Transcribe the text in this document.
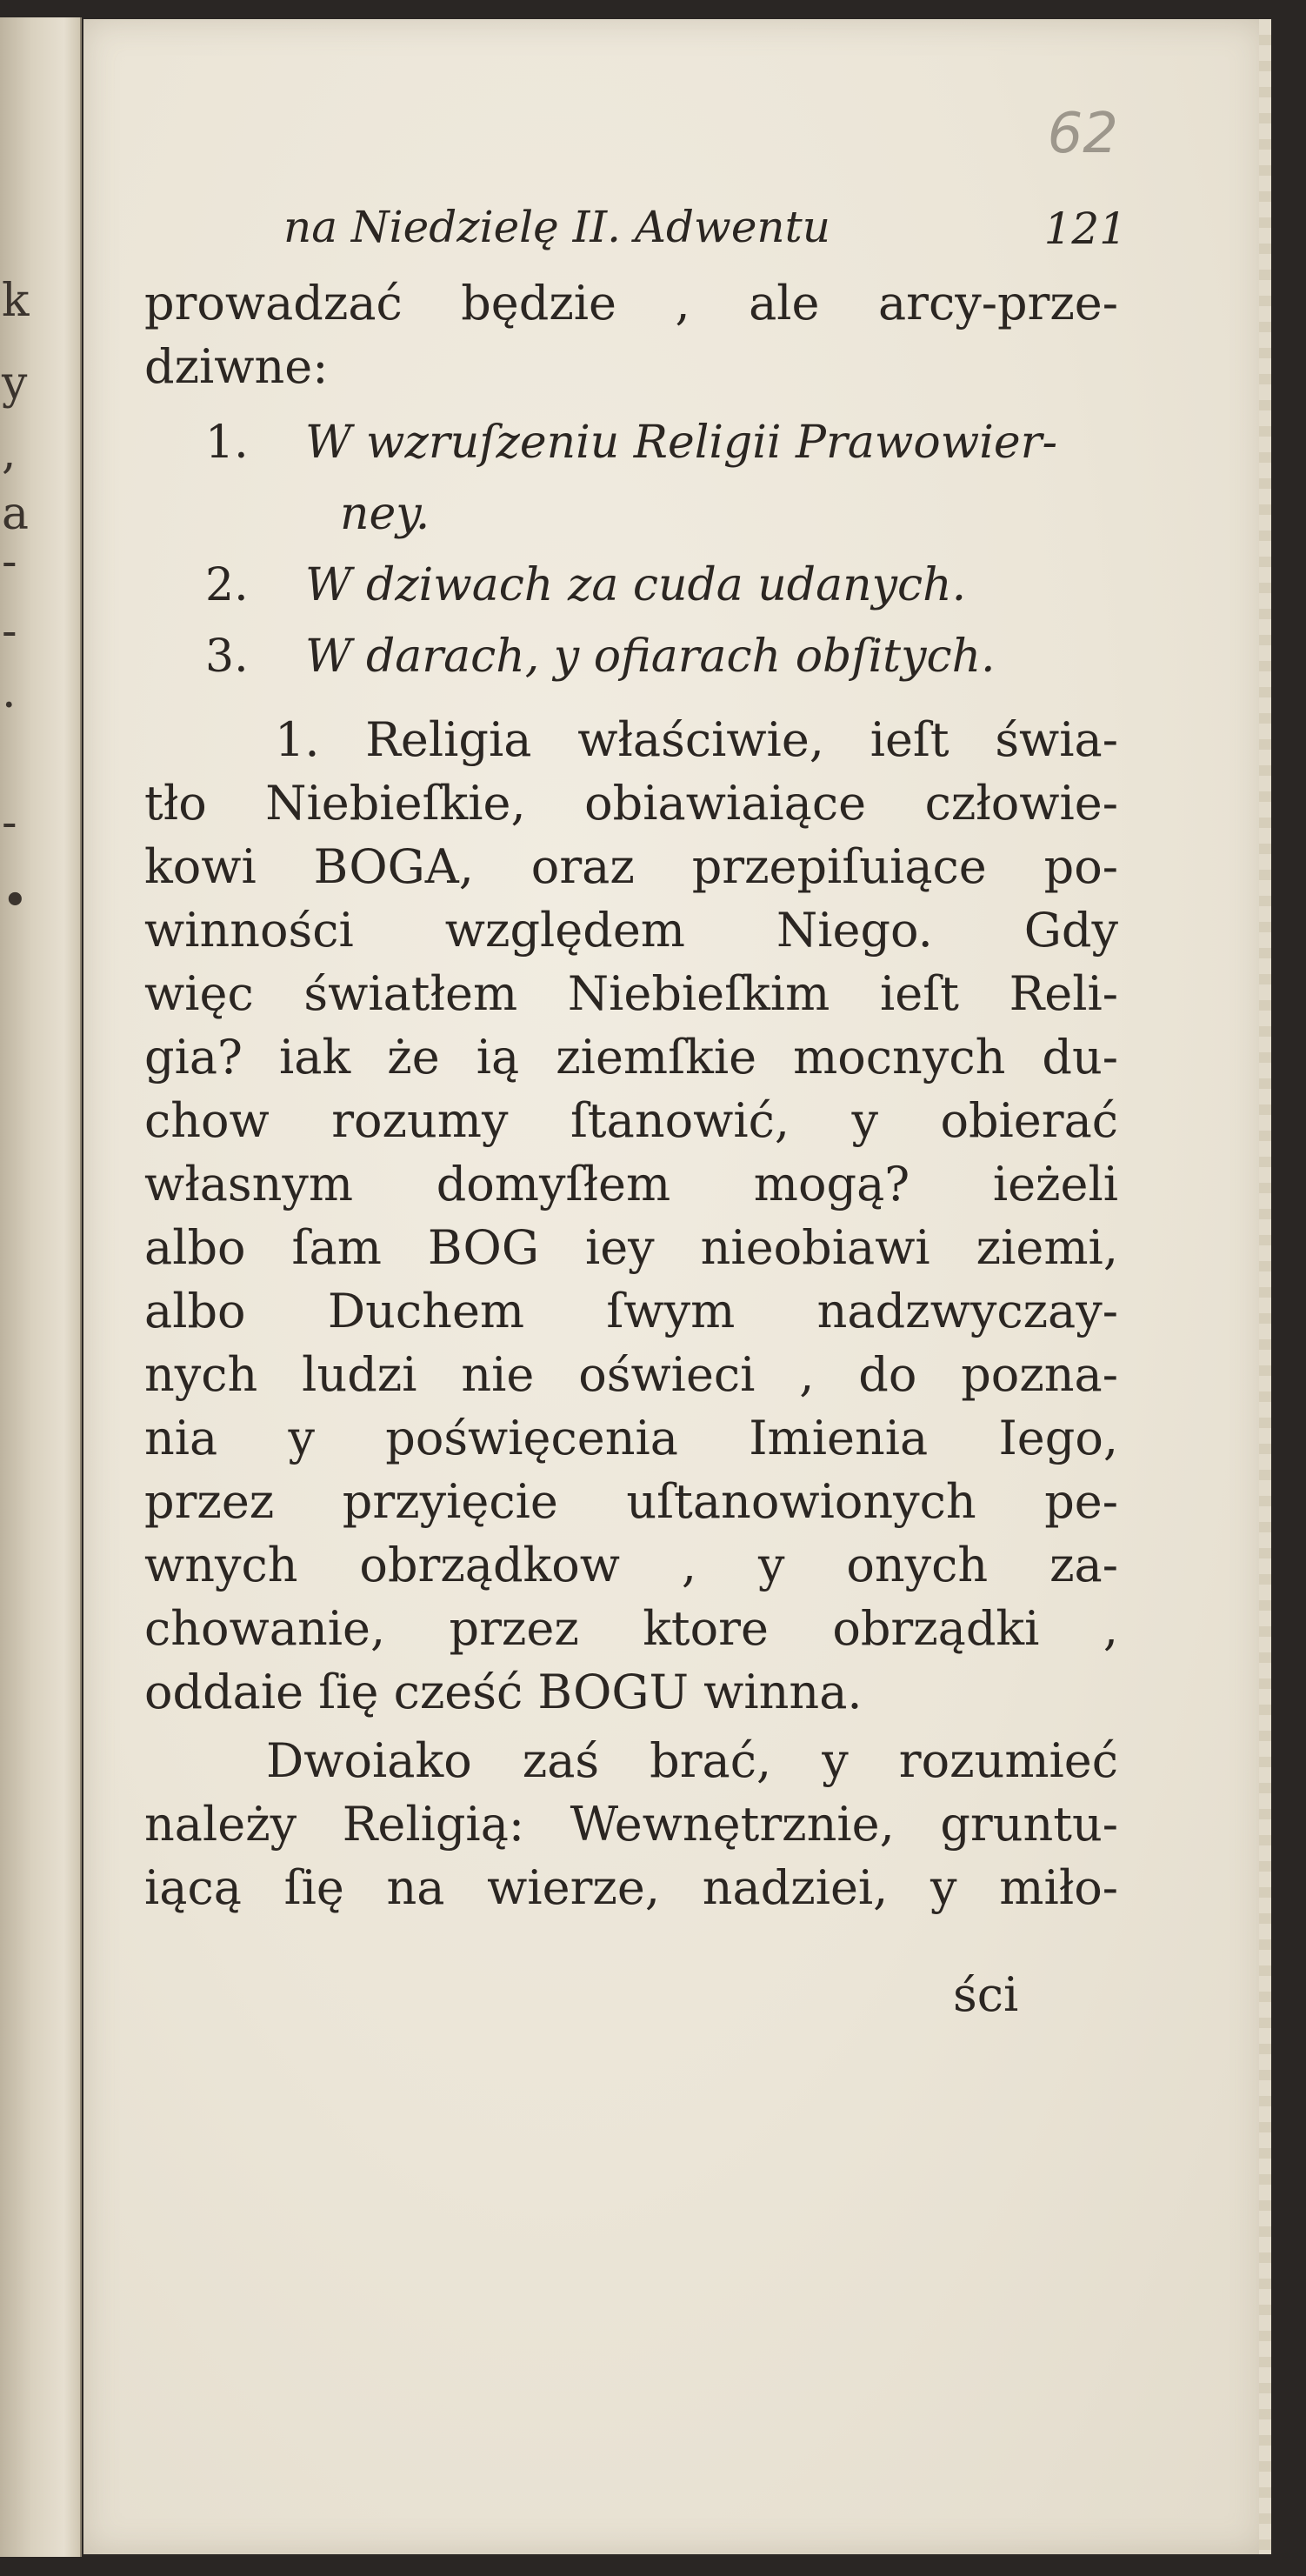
k
y
,
a
-
-
.
-
•
62
na Niedzielę II. Adwentu	121
prowadzać będzie , ale arcy-prze-
dziwne:
1. W wzruſzeniu Religii Prawowier-
ney.
2. W dziwach za cuda udanych.
3. W darach, y ofiarach obſitych.
1. Religia właściwie, ieſt świa-
tło Niebieſkie, obiawiaiące człowie-
kowi BOGA, oraz przepiſuiące po-
winności względem Niego. Gdy
więc światłem Niebieſkim ieſt Reli-
gia? iak że ią ziemſkie mocnych du-
chow rozumy ſtanowić, y obierać
własnym domyſłem mogą? ieżeli
albo ſam BOG iey nieobiawi ziemi,
albo Duchem ſwym nadzwyczay-
nych ludzi nie oświeci , do pozna-
nia y poświęcenia Imienia Iego,
przez przyięcie uſtanowionych pe-
wnych obrządkow , y onych za-
chowanie, przez ktore obrządki ,
oddaie ſię cześć BOGU winna.
Dwoiako zaś brać, y rozumieć
należy Religią: Wewnętrznie, gruntu-
iącą ſię na wierze, nadziei, y miło-
ści
